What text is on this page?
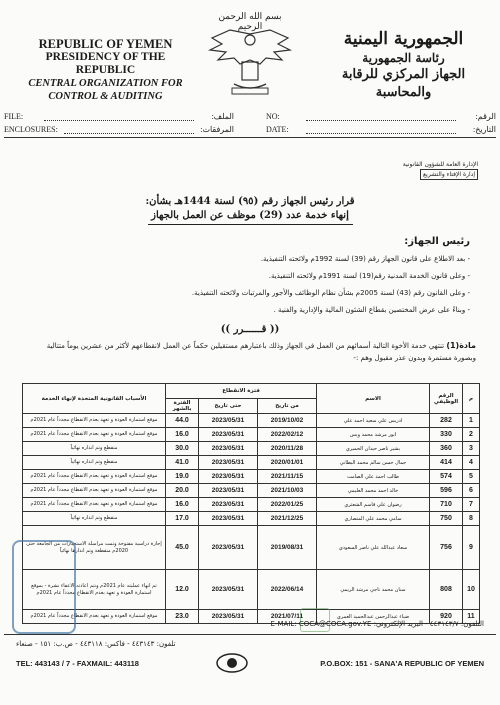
REPUBLIC OF YEMEN
PRESIDENCY OF THE REPUBLIC
CENTRAL ORGANIZATION FOR
CONTROL & AUDITING
بسم الله الرحمن الرحيم
الجمهورية اليمنية
رئاسة الجمهورية
الجهاز المركزي للرقابة والمحاسبة
FILE:	الملف:	NO:	الرقم:
ENCLOSURES:	المرفقات:	DATE:	التاريخ:
الإدارة العامة للشؤون القانونية
إدارة الإفتاء والتشريع
قرار رئيس الجهاز رقم (٩٥) لسنة 1444هـ بشأن:
إنهاء خدمة عدد (29) موظف عن العمل بالجهاز
رئيس الجهاز:
- بعد الاطلاع على قانون الجهاز رقم (39) لسنة 1992م ولائحته التنفيذية.
- وعلى قانون الخدمة المدنية رقم(19) لسنة 1991م ولائحته التنفيذية.
- وعلى القانون رقم (43) لسنة 2005م بشأن نظام الوظائف والأجور والمرتبات ولائحته التنفيذية.
- وبناءً على عرض المختصين بقطاع الشئون المالية والإدارية والفنية .
(( قــــــرر ))
مادة(1) تنتهي خدمة الأخوة التالية أسمائهم من العمل في الجهاز وذلك باعتبارهم مستقيلين حكماً عن العمل لانقطاعهم لأكثر من عشرين يوماً متتالية وبصورة مستمرة وبدون عذر مقبول وهم :-
م	الرقم الوظيفي	الاسم	فترة الانقطاع			الأسباب القانونية المتخذة لإنهاء الخدمة
			من تاريخ	حتى تاريخ	الفترة بالشهر	
1	282	ادريس علي سعيد احمد علي	2019/10/02	2023/05/31	44.0	موقع استمارة العودة و تعهد بعدم الانقطاع مجدداً عام 2021م
2	330	انور مرشد محمد ويس	2022/02/12	2023/05/31	16.0	موقع استمارة العودة و تعهد بعدم الانقطاع مجدداً عام 2021م
3	360	بشير ناصر حيدان الحميري	2020/11/28	2023/05/31	30.0	منقطع وتم انذاره نهائياً
4	414	جمال حسن سالم محمد البطاني	2020/01/01	2023/05/31	41.0	منقطع وتم انذاره نهائياً
5	574	طالب احمد علي الصامت	2021/11/15	2023/05/31	19.0	موقع استمارة العودة و تعهد بعدم الانقطاع مجدداً عام 2021م
6	596	خالد احمد محمد العليمي	2021/10/03	2023/05/31	20.0	موقع استمارة العودة و تعهد بعدم الانقطاع مجدداً عام 2021م
7	710	رضوان علي قاسم الشعثري	2022/01/25	2023/05/31	16.0	موقع استمارة العودة و تعهد بعدم الانقطاع مجدداً عام 2021م
8	750	سامي محمد علي المنصاري	2021/12/25	2023/05/31	17.0	منقطع وتم انذاره نهائياً
9	756	سعاد عبدالله علي ناصر السعودي	2019/08/31	2023/05/31	45.0	إجازة دراسية مفتوحة وتمت مراسلة الاستخبارات من الجامعة حتى 2020م منقطعة وتم انذارها نهائياً
10	808	سنان محمد ناجي مرشد الريمي	2022/06/14	2023/05/31	12.0	تم انهاء عمليته عام 2021م ونتم اعادته الاعفاء نشرة - بموقع استمارة العودة و تعهد بعدم الانقطاع مجدداً عام 2021م
11	920	ضياء عبدالرحمن عبدالحميد العمري	2021/07/11	2023/05/31	23.0	موقع استمارة العودة و تعهد بعدم الانقطاع مجدداً عام 2021م
التلفون: ٤٤٣١٤٣/٧ - البريد الإلكتروني: E-MAIL: COCA@COCA.gov.YE
تلفون: ٤٤٣١٤٣ - فاكس: ٤٤٣١١٨ - ص.ب: ١٥١ - صنعاء
TEL: 443143 / 7 - FAXMAIL: 443118	P.O.BOX: 151 - SANA'A REPUBLIC OF YEMEN
